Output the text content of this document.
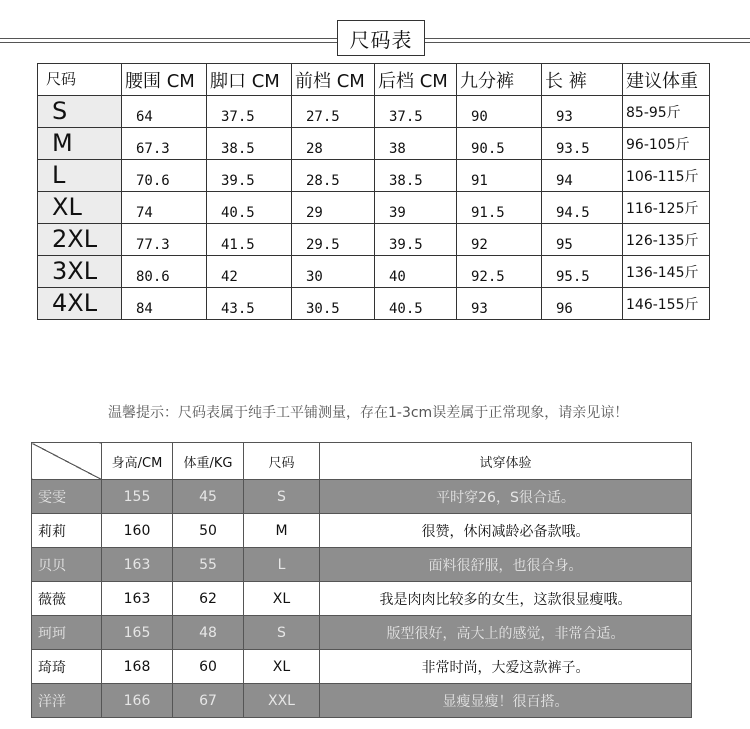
尺码表
尺码	腰围 CM	脚口 CM	前档 CM	后档 CM	九分裤	长 裤	建议体重
S	64	37.5	27.5	37.5	90	93	85-95斤
M	67.3	38.5	28	38	90.5	93.5	96-105斤
L	70.6	39.5	28.5	38.5	91	94	106-115斤
XL	74	40.5	29	39	91.5	94.5	116-125斤
2XL	77.3	41.5	29.5	39.5	92	95	126-135斤
3XL	80.6	42	30	40	92.5	95.5	136-145斤
4XL	84	43.5	30.5	40.5	93	96	146-155斤
温馨提示：尺码表属于纯手工平铺测量，存在1-3cm误差属于正常现象，请亲见谅！
	身高/CM	体重/KG	尺码	试穿体验
雯雯	155	45	S	平时穿26，S很合适。
莉莉	160	50	M	很赞，休闲减龄必备款哦。
贝贝	163	55	L	面料很舒服，也很合身。
薇薇	163	62	XL	我是肉肉比较多的女生，这款很显瘦哦。
珂珂	165	48	S	版型很好，高大上的感觉，非常合适。
琦琦	168	60	XL	非常时尚，大爱这款裤子。
洋洋	166	67	XXL	显瘦显瘦！很百搭。
